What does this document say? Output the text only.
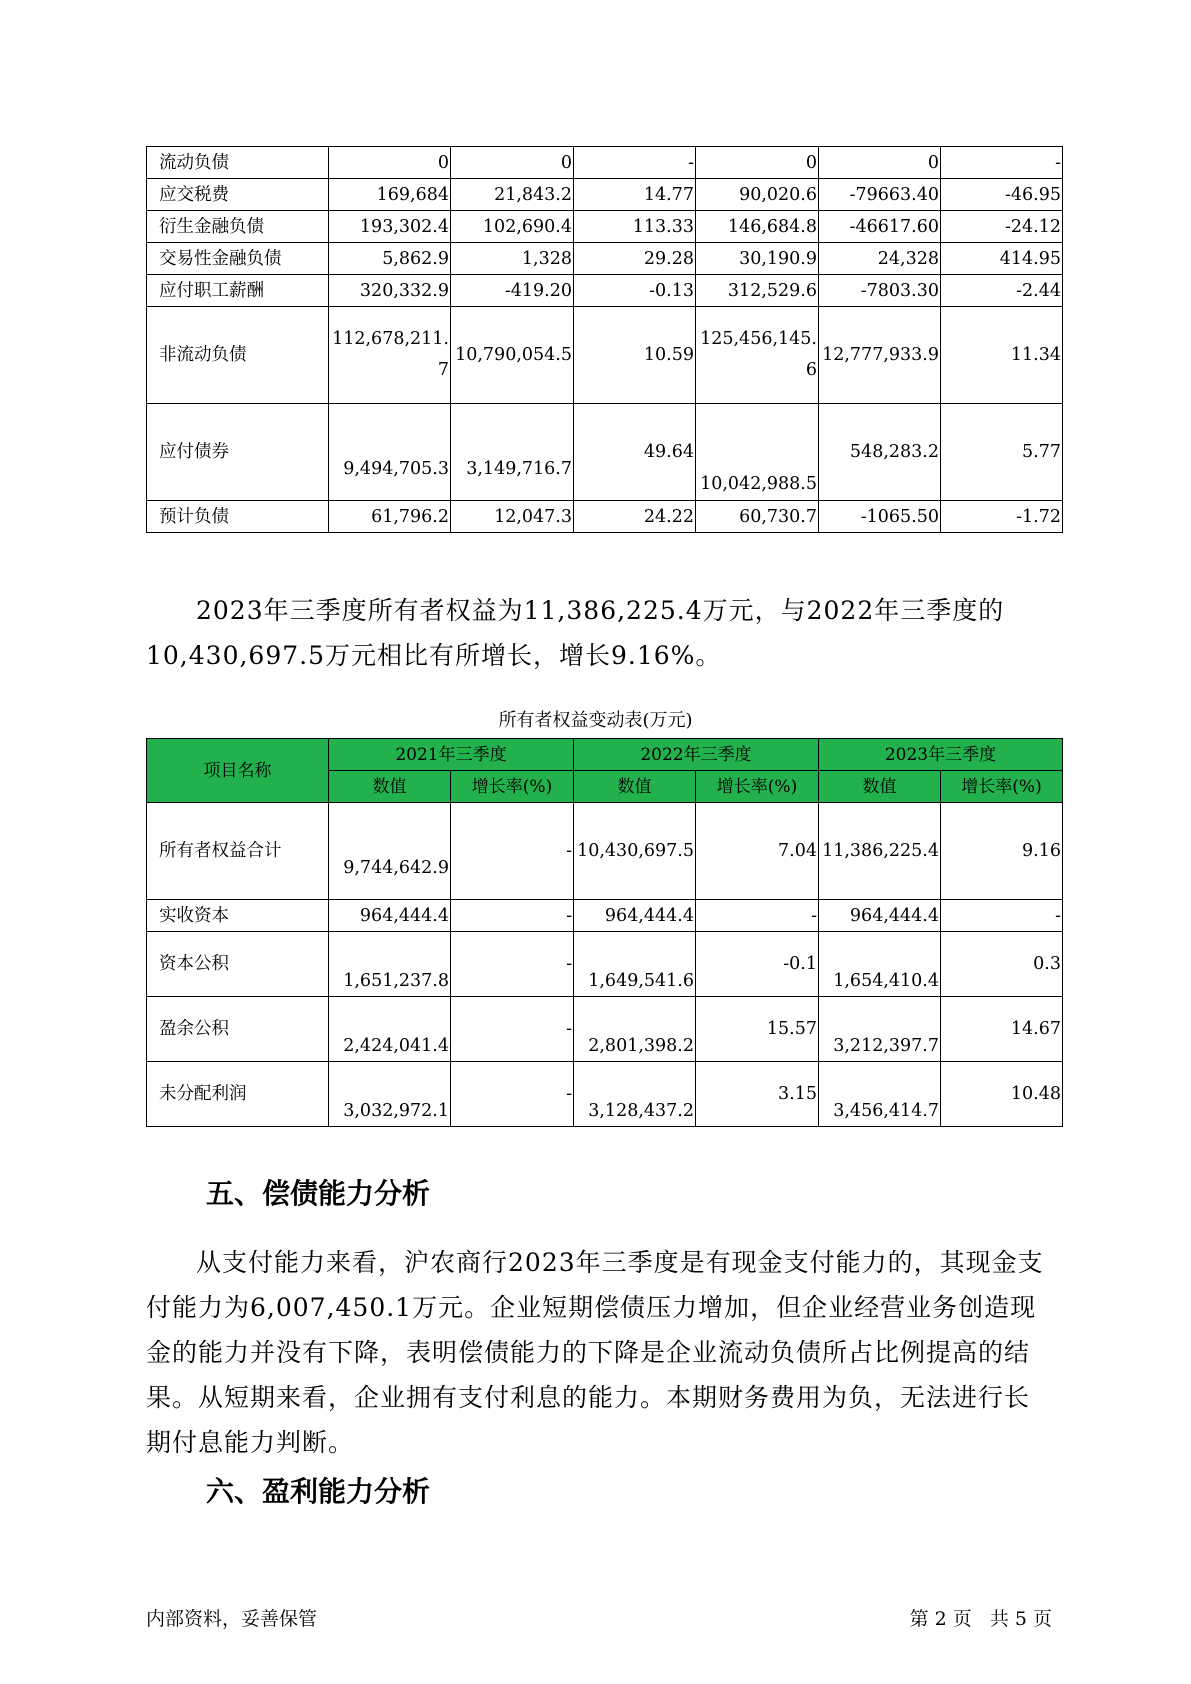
流动负债	0	0	-	0	0	-
应交税费	169,684	21,843.2	14.77	90,020.6	-79663.40	-46.95
衍生金融负债	193,302.4	102,690.4	113.33	146,684.8	-46617.60	-24.12
交易性金融负债	5,862.9	1,328	29.28	30,190.9	24,328	414.95
应付职工薪酬	320,332.9	-419.20	-0.13	312,529.6	-7803.30	-2.44
非流动负债	112,678,211.7	10,790,054.5	10.59	125,456,145.6	12,777,933.9	11.34
应付债券	9,494,705.3	3,149,716.7	49.64	10,042,988.5	548,283.2	5.77
预计负债	61,796.2	12,047.3	24.22	60,730.7	-1065.50	-1.72

2023年三季度所有者权益为11,386,225.4万元，与2022年三季度的10,430,697.5万元相比有所增长，增长9.16%。

所有者权益变动表(万元)
项目名称	2021年三季度		2022年三季度		2023年三季度	
	数值	增长率(%)	数值	增长率(%)	数值	增长率(%)
所有者权益合计	9,744,642.9	-	10,430,697.5	7.04	11,386,225.4	9.16
实收资本	964,444.4	-	964,444.4	-	964,444.4	-
资本公积	1,651,237.8	-	1,649,541.6	-0.1	1,654,410.4	0.3
盈余公积	2,424,041.4	-	2,801,398.2	15.57	3,212,397.7	14.67
未分配利润	3,032,972.1	-	3,128,437.2	3.15	3,456,414.7	10.48
五、偿债能力分析

从支付能力来看，沪农商行2023年三季度是有现金支付能力的，其现金支付能力为6,007,450.1万元。企业短期偿债压力增加，但企业经营业务创造现金的能力并没有下降，表明偿债能力的下降是企业流动负债所占比例提高的结果。从短期来看，企业拥有支付利息的能力。本期财务费用为负，无法进行长期付息能力判断。

六、盈利能力分析
内部资料，妥善保管	第 2 页   共 5 页
